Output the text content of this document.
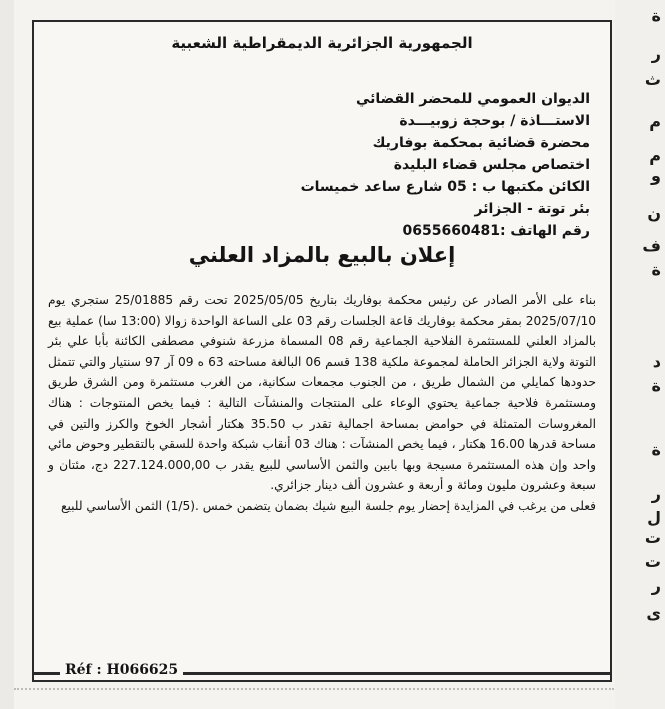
ة
ر
ث
م
م
و
ن
ف
ة
د
ة
ة
ر
ل
ت
ت
ر
ى
الجمهورية الجزائرية الديمقراطية الشعبية
الديوان العمومي للمحضر القضائي
الاستـــاذة / بوحجة زوبيـــدة
محضرة قضائية بمحكمة بوفاريك
اختصاص مجلس قضاء البليدة
الكائن مكتبها ب : 05 شارع ساعد خميسات
بئر توتة - الجزائر
رقم الهاتف :0655660481
إعلان بالبيع بالمزاد العلني

بناء على الأمر الصادر عن رئيس محكمة بوفاريك بتاريخ 2025/05/05 تحت رقم 25/01885 ستجري يوم 2025/07/10 بمقر محكمة بوفاريك قاعة الجلسات رقم 03 على الساعة الواحدة زوالا (13:00 سا) عملية بيع بالمزاد العلني للمستثمرة الفلاحية الجماعية رقم 08 المسماة مزرعة شنوفي مصطفى الكائنة بأبا علي بئر التوتة ولاية الجزائر الحاملة لمجموعة ملكية 138 قسم 06 البالغة مساحته 63 ه 09 آر 97 سنتيار والتي تتمثل حدودها كمايلي من الشمال طريق ، من الجنوب مجمعات سكانية، من الغرب مستثمرة ومن الشرق طريق ومستثمرة فلاحية جماعية يحتوي الوعاء على المنتجات والمنشآت التالية : فيما يخص المنتوجات : هناك المغروسات المتمثلة في حوامض بمساحة اجمالية تقدر ب 35.50 هكتار أشجار الخوخ والكرز والتين في مساحة قدرها 16.00 هكتار ، فيما يخص المنشآت : هناك 03 أنقاب شبكة واحدة للسقي بالتقطير وحوض مائي واحد وإن هذه المستثمرة مسيجة وبها بابين والثمن الأساسي للبيع يقدر ب 227.124.000,00 دج، مئتان و سبعة وعشرون مليون ومائة و أربعة و عشرون ألف دينار جزائري.

فعلى من يرغب في المزايدة إحضار يوم جلسة البيع شيك بضمان يتضمن خمس .(1/5) الثمن الأساسي للبيع

Réf : H066625
